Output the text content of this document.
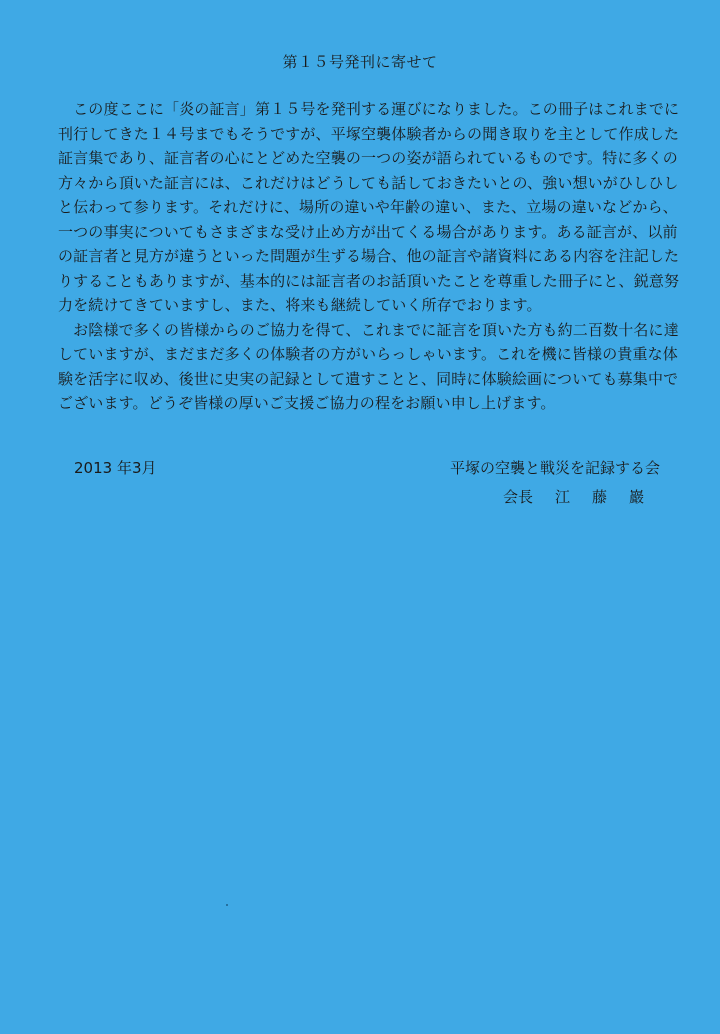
第１５号発刊に寄せて
　この度ここに「炎の証言」第１５号を発刊する運びになりました。この冊子はこれまでに
刊行してきた１４号までもそうですが、平塚空襲体験者からの聞き取りを主として作成した
証言集であり、証言者の心にとどめた空襲の一つの姿が語られているものです。特に多くの
方々から頂いた証言には、これだけはどうしても話しておきたいとの、強い想いがひしひし
と伝わって参ります。それだけに、場所の違いや年齢の違い、また、立場の違いなどから、
一つの事実についてもさまざまな受け止め方が出てくる場合があります。ある証言が、以前
の証言者と見方が違うといった問題が生ずる場合、他の証言や諸資料にある内容を注記した
りすることもありますが、基本的には証言者のお話頂いたことを尊重した冊子にと、鋭意努
力を続けてきていますし、また、将来も継続していく所存でおります。
　お陰様で多くの皆様からのご協力を得て、これまでに証言を頂いた方も約二百数十名に達
していますが、まだまだ多くの体験者の方がいらっしゃいます。これを機に皆様の貴重な体
験を活字に収め、後世に史実の記録として遺すことと、同時に体験絵画についても募集中で
ございます。どうぞ皆様の厚いご支援ご協力の程をお願い申し上げます。
2013 年3月	平塚の空襲と戦災を記録する会
会長 江藤巖
